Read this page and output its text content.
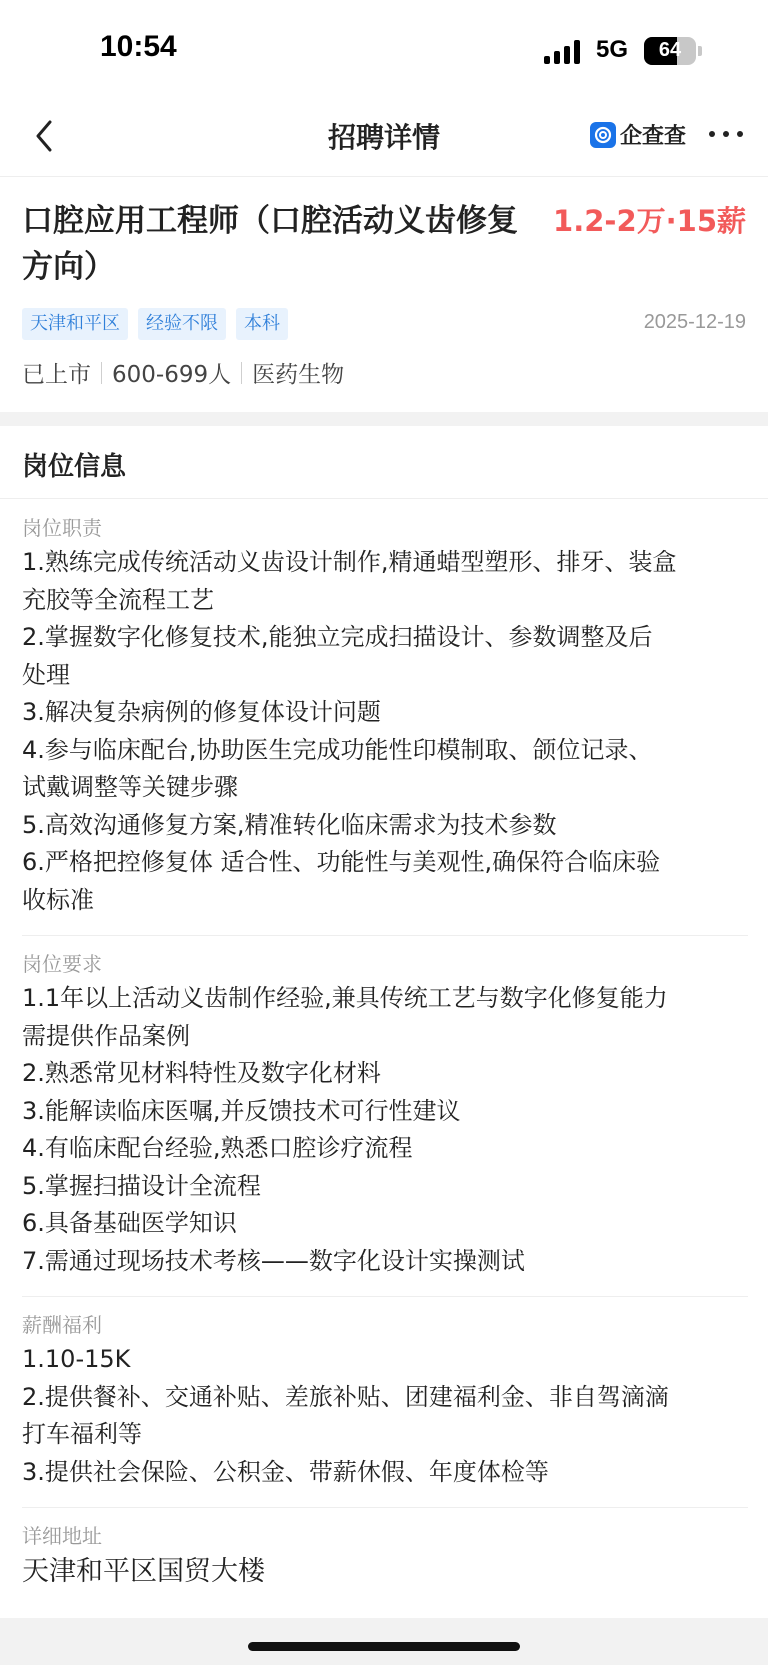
10:54	5G	64
招聘详情	企查查
口腔应用工程师（口腔活动义齿修复方向）
1.2-2万·15薪
天津和平区	经验不限	本科	2025-12-19
已上市 600-699人 医药生物
岗位信息
岗位职责
1.熟练完成传统活动义齿设计制作,精通蜡型塑形、排牙、装盒
充胶等全流程工艺
2.掌握数字化修复技术,能独立完成扫描设计、参数调整及后
处理
3.解决复杂病例的修复体设计问题
4.参与临床配台,协助医生完成功能性印模制取、颌位记录、
试戴调整等关键步骤
5.高效沟通修复方案,精准转化临床需求为技术参数
6.严格把控修复体 适合性、功能性与美观性,确保符合临床验
收标准
岗位要求
1.1年以上活动义齿制作经验,兼具传统工艺与数字化修复能力
需提供作品案例
2.熟悉常见材料特性及数字化材料
3.能解读临床医嘱,并反馈技术可行性建议
4.有临床配台经验,熟悉口腔诊疗流程
5.掌握扫描设计全流程
6.具备基础医学知识
7.需通过现场技术考核——数字化设计实操测试
薪酬福利
1.10-15K
2.提供餐补、交通补贴、差旅补贴、团建福利金、非自驾滴滴
打车福利等
3.提供社会保险、公积金、带薪休假、年度体检等
详细地址
天津和平区国贸大楼
